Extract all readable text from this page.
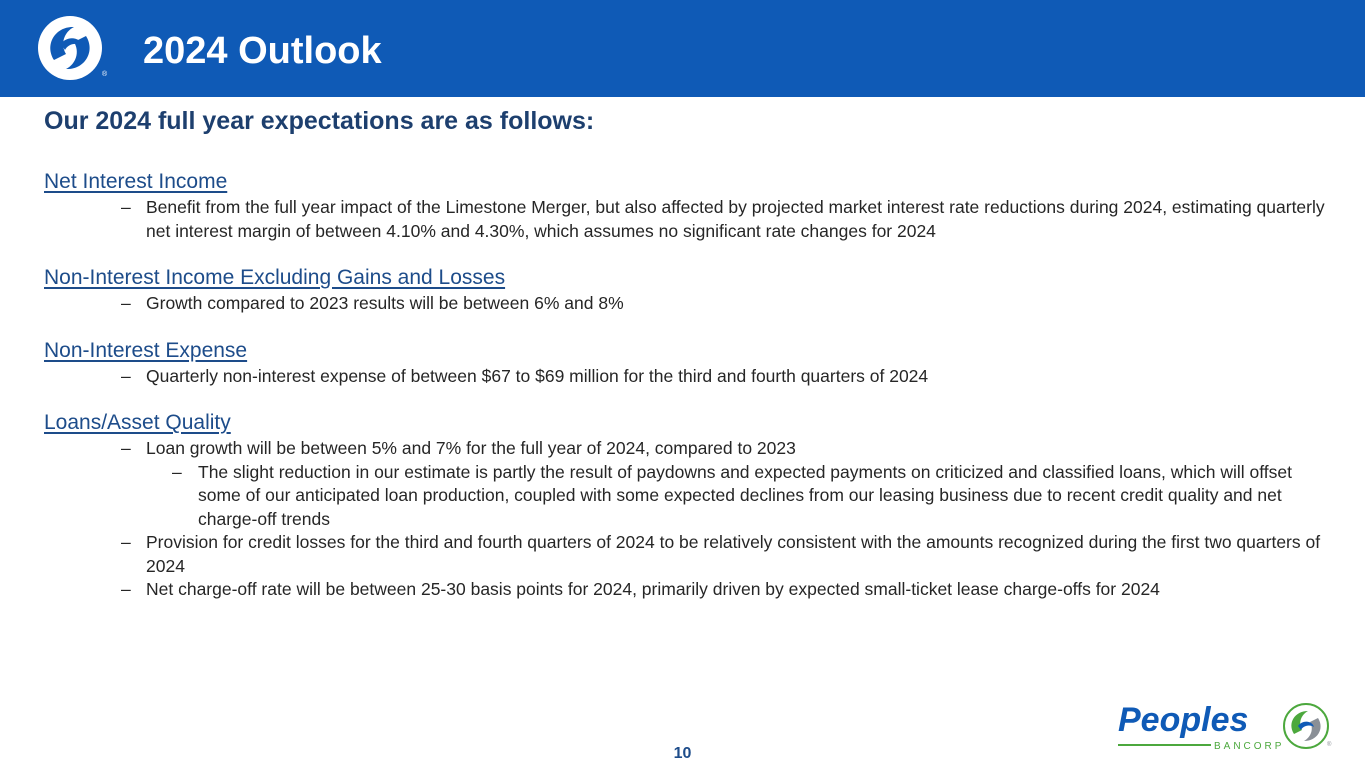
®
2024 Outlook
Our 2024 full year expectations are as follows:
Net Interest Income
– Benefit from the full year impact of the Limestone Merger, but also affected by projected market interest rate reductions during 2024, estimating quarterly net interest margin of between 4.10% and 4.30%, which assumes no significant rate changes for 2024
Non-Interest Income Excluding Gains and Losses
– Growth compared to 2023 results will be between 6% and 8%
Non-Interest Expense
– Quarterly non-interest expense of between $67 to $69 million for the third and fourth quarters of 2024
Loans/Asset Quality
– Loan growth will be between 5% and 7% for the full year of 2024, compared to 2023
– The slight reduction in our estimate is partly the result of paydowns and expected payments on criticized and classified loans, which will offset some of our anticipated loan production, coupled with some expected declines from our leasing business due to recent credit quality and net charge-off trends
– Provision for credit losses for the third and fourth quarters of 2024 to be relatively consistent with the amounts recognized during the first two quarters of 2024
– Net charge-off rate will be between 25-30 basis points for 2024, primarily driven by expected small-ticket lease charge-offs for 2024
Peoples
BANCORP	®
10
